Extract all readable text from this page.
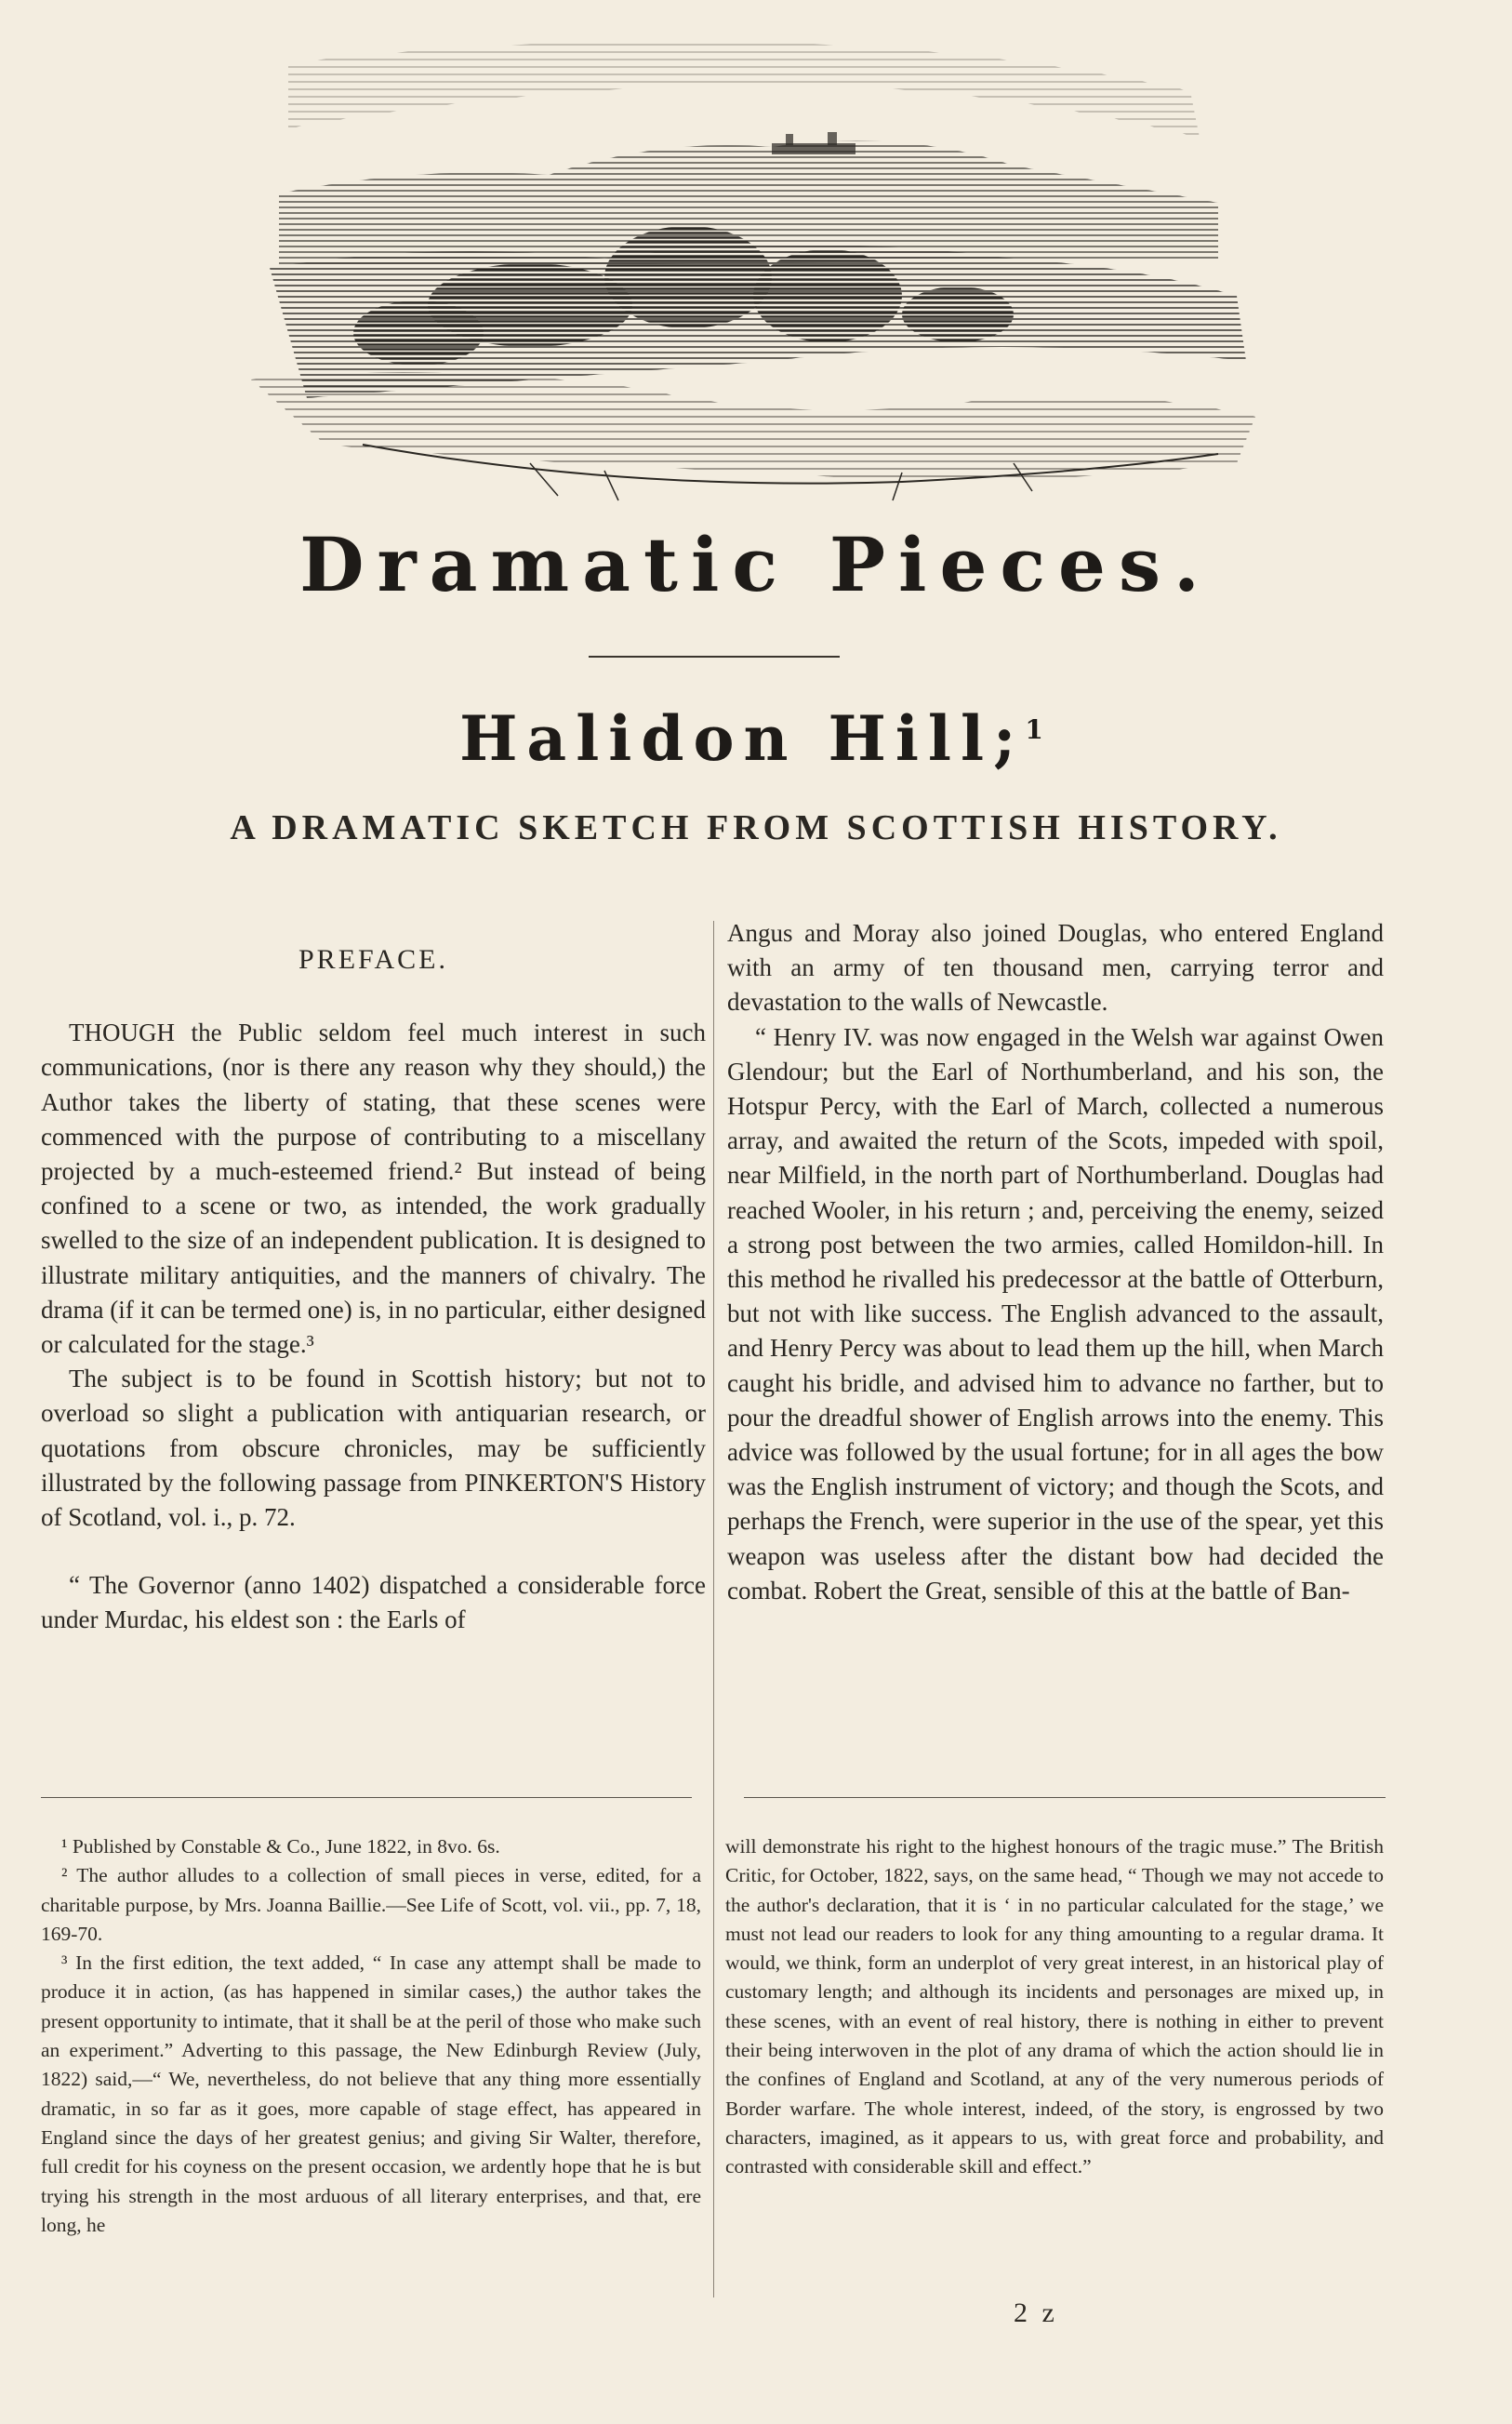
Dramatic Pieces.
Halidon Hill;$^1$
A DRAMATIC SKETCH FROM SCOTTISH HISTORY.

PREFACE.

THOUGH the Public seldom feel much interest in such communications, (nor is there any reason why they should,) the Author takes the liberty of stating, that these scenes were commenced with the purpose of contributing to a miscellany projected by a much-esteemed friend.² But instead of being confined to a scene or two, as intended, the work gradually swelled to the size of an independent publication. It is designed to illustrate military antiquities, and the manners of chivalry. The drama (if it can be termed one) is, in no particular, either designed or calculated for the stage.³

The subject is to be found in Scottish history; but not to overload so slight a publication with antiquarian research, or quotations from obscure chronicles, may be sufficiently illustrated by the following passage from PINKERTON'S History of Scotland, vol. i., p. 72.

“ The Governor (anno 1402) dispatched a considerable force under Murdac, his eldest son : the Earls of

Angus and Moray also joined Douglas, who entered England with an army of ten thousand men, carrying terror and devastation to the walls of Newcastle.

“ Henry IV. was now engaged in the Welsh war against Owen Glendour; but the Earl of Northumberland, and his son, the Hotspur Percy, with the Earl of March, collected a numerous array, and awaited the return of the Scots, impeded with spoil, near Milfield, in the north part of Northumberland. Douglas had reached Wooler, in his return ; and, perceiving the enemy, seized a strong post between the two armies, called Homildon-hill. In this method he rivalled his predecessor at the battle of Otterburn, but not with like success. The English advanced to the assault, and Henry Percy was about to lead them up the hill, when March caught his bridle, and advised him to advance no farther, but to pour the dreadful shower of English arrows into the enemy. This advice was followed by the usual fortune; for in all ages the bow was the English instrument of victory; and though the Scots, and perhaps the French, were superior in the use of the spear, yet this weapon was useless after the distant bow had decided the combat. Robert the Great, sensible of this at the battle of Ban-

¹ Published by Constable & Co., June 1822, in 8vo. 6s.

² The author alludes to a collection of small pieces in verse, edited, for a charitable purpose, by Mrs. Joanna Baillie.—See Life of Scott, vol. vii., pp. 7, 18, 169-70.

³ In the first edition, the text added, “ In case any attempt shall be made to produce it in action, (as has happened in similar cases,) the author takes the present opportunity to intimate, that it shall be at the peril of those who make such an experiment.” Adverting to this passage, the New Edinburgh Review (July, 1822) said,—“ We, nevertheless, do not believe that any thing more essentially dramatic, in so far as it goes, more capable of stage effect, has appeared in England since the days of her greatest genius; and giving Sir Walter, therefore, full credit for his coyness on the present occasion, we ardently hope that he is but trying his strength in the most arduous of all literary enterprises, and that, ere long, he

will demonstrate his right to the highest honours of the tragic muse.” The British Critic, for October, 1822, says, on the same head, “ Though we may not accede to the author's declaration, that it is ‘ in no particular calculated for the stage,’ we must not lead our readers to look for any thing amounting to a regular drama. It would, we think, form an underplot of very great interest, in an historical play of customary length; and although its incidents and personages are mixed up, in these scenes, with an event of real history, there is nothing in either to prevent their being interwoven in the plot of any drama of which the action should lie in the confines of England and Scotland, at any of the very numerous periods of Border warfare. The whole interest, indeed, of the story, is engrossed by two characters, imagined, as it appears to us, with great force and probability, and contrasted with considerable skill and effect.”

2 z
